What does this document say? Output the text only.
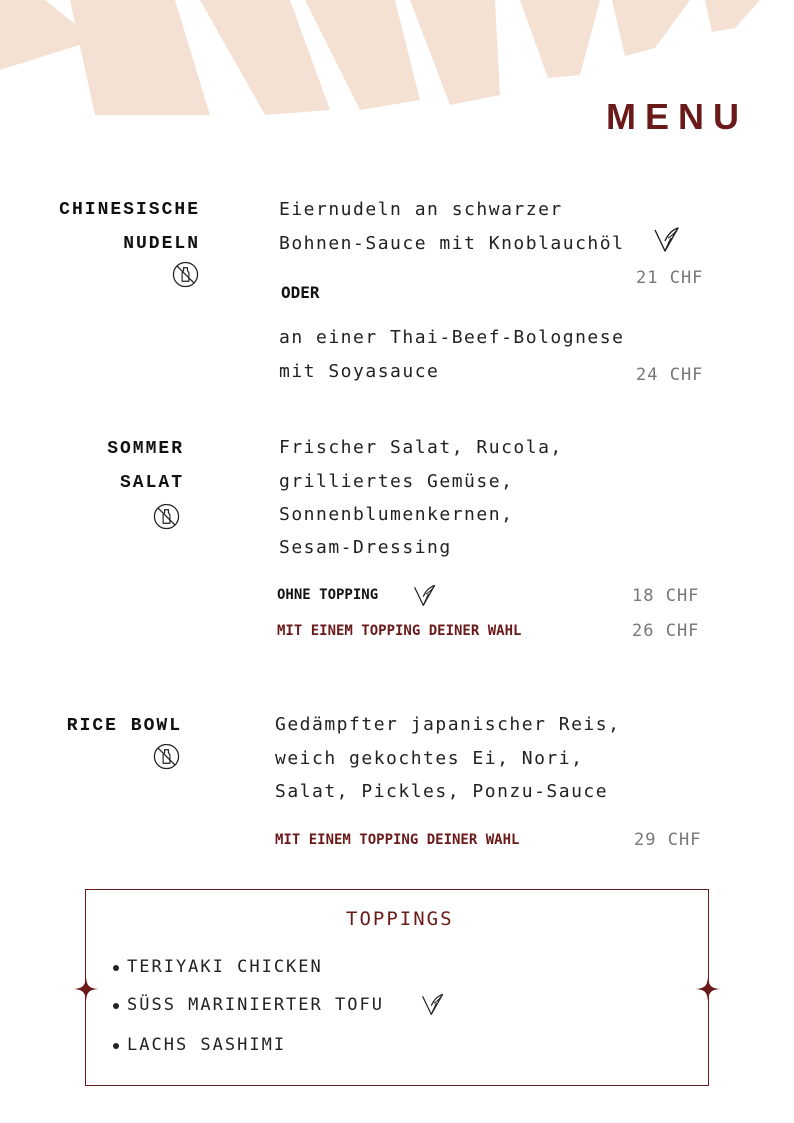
MENU
CHINESISCHE
NUDELN
Eiernudeln an schwarzer
Bohnen-Sauce mit Knoblauchöl
21 CHF
ODER
an einer Thai-Beef-Bolognese
mit Soyasauce	24 CHF
SOMMER
SALAT
Frischer Salat, Rucola,
grilliertes Gemüse,
Sonnenblumenkernen,
Sesam-Dressing
OHNE TOPPING	18 CHF
MIT EINEM TOPPING DEINER WAHL	26 CHF
RICE BOWL	Gedämpfter japanischer Reis,
weich gekochtes Ei, Nori,
Salat, Pickles, Ponzu-Sauce
MIT EINEM TOPPING DEINER WAHL	29 CHF
TOPPINGS
TERIYAKI CHICKEN
SÜSS MARINIERTER TOFU
LACHS SASHIMI
